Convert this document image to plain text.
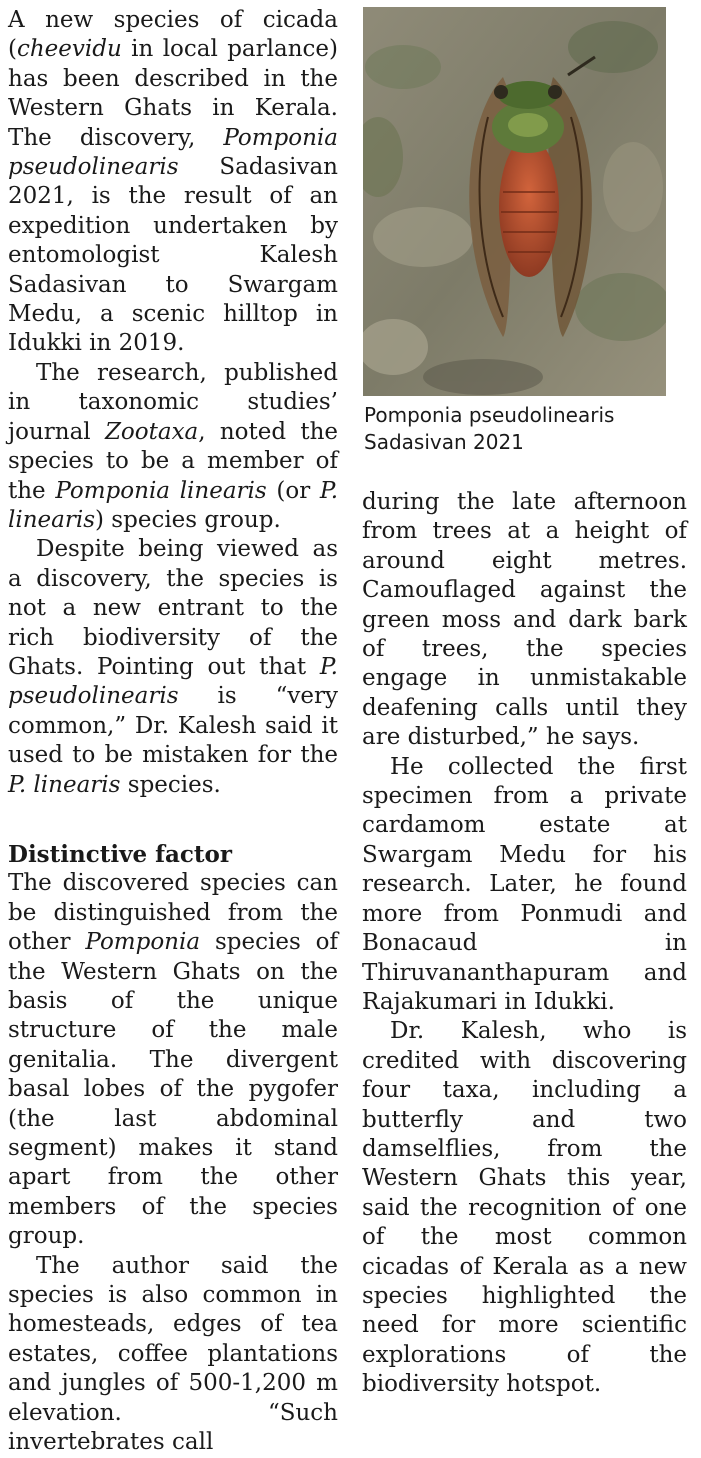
A new species of cicada (cheevidu in local parlance) has been described in the Western Ghats in Kerala. The discovery, Pomponia pseudolinearis Sadasivan 2021, is the result of an expedition undertaken by entomologist Kalesh Sadasivan to Swargam Medu, a scenic hilltop in Idukki in 2019.

The research, published in taxonomic studies’ journal Zootaxa, noted the species to be a member of the Pomponia linearis (or P. linearis) species group.

Despite being viewed as a discovery, the species is not a new entrant to the rich biodiversity of the Ghats. Pointing out that P. pseudolinearis is “very common,” Dr. Kalesh said it used to be mistaken for the P. linearis species.

Distinctive factor

The discovered species can be distinguished from the other Pomponia species of the Western Ghats on the basis of the unique structure of the male genitalia. The divergent basal lobes of the pygofer (the last abdominal segment) makes it stand apart from the other members of the species group.

The author said the species is also common in homesteads, edges of tea estates, coffee plantations and jungles of 500-1,200 m elevation. “Such invertebrates call

Pomponia pseudolinearis Sadasivan 2021

during the late afternoon from trees at a height of around eight metres. Camouflaged against the green moss and dark bark of trees, the species engage in unmistakable deafening calls until they are disturbed,” he says.

He collected the first specimen from a private cardamom estate at Swargam Medu for his research. Later, he found more from Ponmudi and Bonacaud in Thiruvananthapuram and Rajakumari in Idukki.

Dr. Kalesh, who is credited with discovering four taxa, including a butterfly and two damselflies, from the Western Ghats this year, said the recognition of one of the most common cicadas of Kerala as a new species highlighted the need for more scientific explorations of the biodiversity hotspot.
